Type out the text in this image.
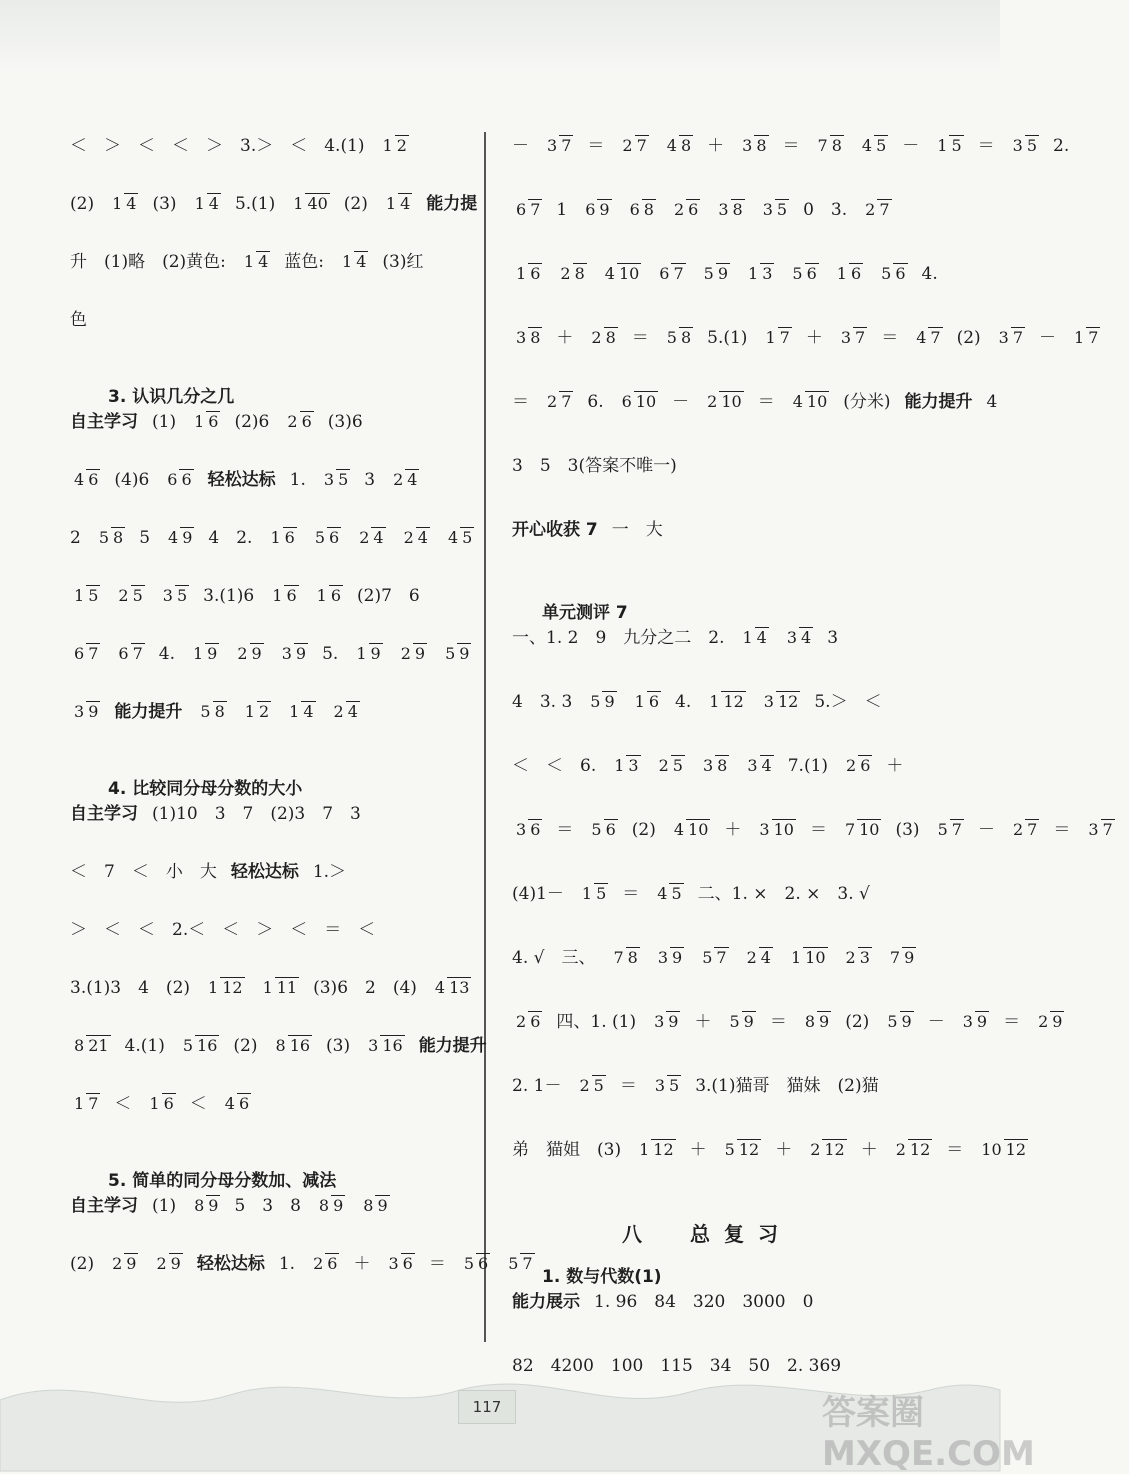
＜　＞　＜　＜　＞　3.＞　＜　4.(1) 1 2
(2) 1 4 (3) 1 4 5.(1) 1 40 (2) 1 4 能力提
升　(1)略　(2)黄色: 1 4 蓝色: 1 4 (3)红
色
3. 认识几分之几
自主学习 (1) 1 6 (2)6 2 6 (3)6
4 6 (4)6 6 6 轻松达标 1. 3 5 3 2 4
2 5 8 5 4 9 4　2. 1 6 5 6 2 4 2 4 4 5
1 5 2 5 3 5 3.(1)6 1 6 1 6 (2)7　6
6 7 6 7 4. 1 9 2 9 3 9 5. 1 9 2 9 5 9
3 9 能力提升 5 8 1 2 1 4 2 4
4. 比较同分母分数的大小
自主学习 (1)10　3　7　(2)3　7　3
＜　7　＜　小　大 轻松达标 1.＞
＞　＜　＜　2.＜　＜　＞　＜　＝　＜
3.(1)3　4　(2) 1 12 1 11 (3)6　2　(4) 4 13
8 21 4.(1) 5 16 (2) 8 16 (3) 3 16 能力提升
1 7 ＜ 1 6 ＜ 4 6
5. 简单的同分母分数加、减法
自主学习 (1) 8 9 5　3　8 8 9 8 9
(2) 2 9 2 9 轻松达标 1. 2 6 ＋ 3 6 ＝ 5 6 5 7
－ 3 7 ＝ 2 7 4 8 ＋ 3 8 ＝ 7 8 4 5 － 1 5 ＝ 3 5 2.
6 7 1 6 9 6 8 2 6 3 8 3 5 0　3. 2 7
1 6 2 8 4 10 6 7 5 9 1 3 5 6 1 6 5 6 4.
3 8 ＋ 2 8 ＝ 5 8 5.(1) 1 7 ＋ 3 7 ＝ 4 7 (2) 3 7 － 1 7
＝ 2 7 6. 6 10 － 2 10 ＝ 4 10 (分米) 能力提升 4
3　5　3(答案不唯一)
开心收获 7 一　大
单元测评 7
一、1. 2　9　九分之二　2. 1 4 3 4 3
4　3. 3 5 9 1 6 4. 1 12 3 12 5.＞　＜
＜　＜　6. 1 3 2 5 3 8 3 4 7.(1) 2 6 ＋
3 6 ＝ 5 6 (2) 4 10 ＋ 3 10 ＝ 7 10 (3) 5 7 － 2 7 ＝ 3 7
(4)1－ 1 5 ＝ 4 5 二、1. ×　2. ×　3. √
4. √　三、 7 8 3 9 5 7 2 4 1 10 2 3 7 9
2 6 四、1. (1) 3 9 ＋ 5 9 ＝ 8 9 (2) 5 9 － 3 9 ＝ 2 9
2. 1－ 2 5 ＝ 3 5 3.(1)猫哥　猫妹　(2)猫
弟　猫姐　(3) 1 12 ＋ 5 12 ＋ 2 12 ＋ 2 12 ＝ 10 12
八　总复习
1. 数与代数(1)
能力展示 1. 96　84　320　3000　0
82　4200　100　115　34　50　2. 369
117	答案圈 MXQE.COM
